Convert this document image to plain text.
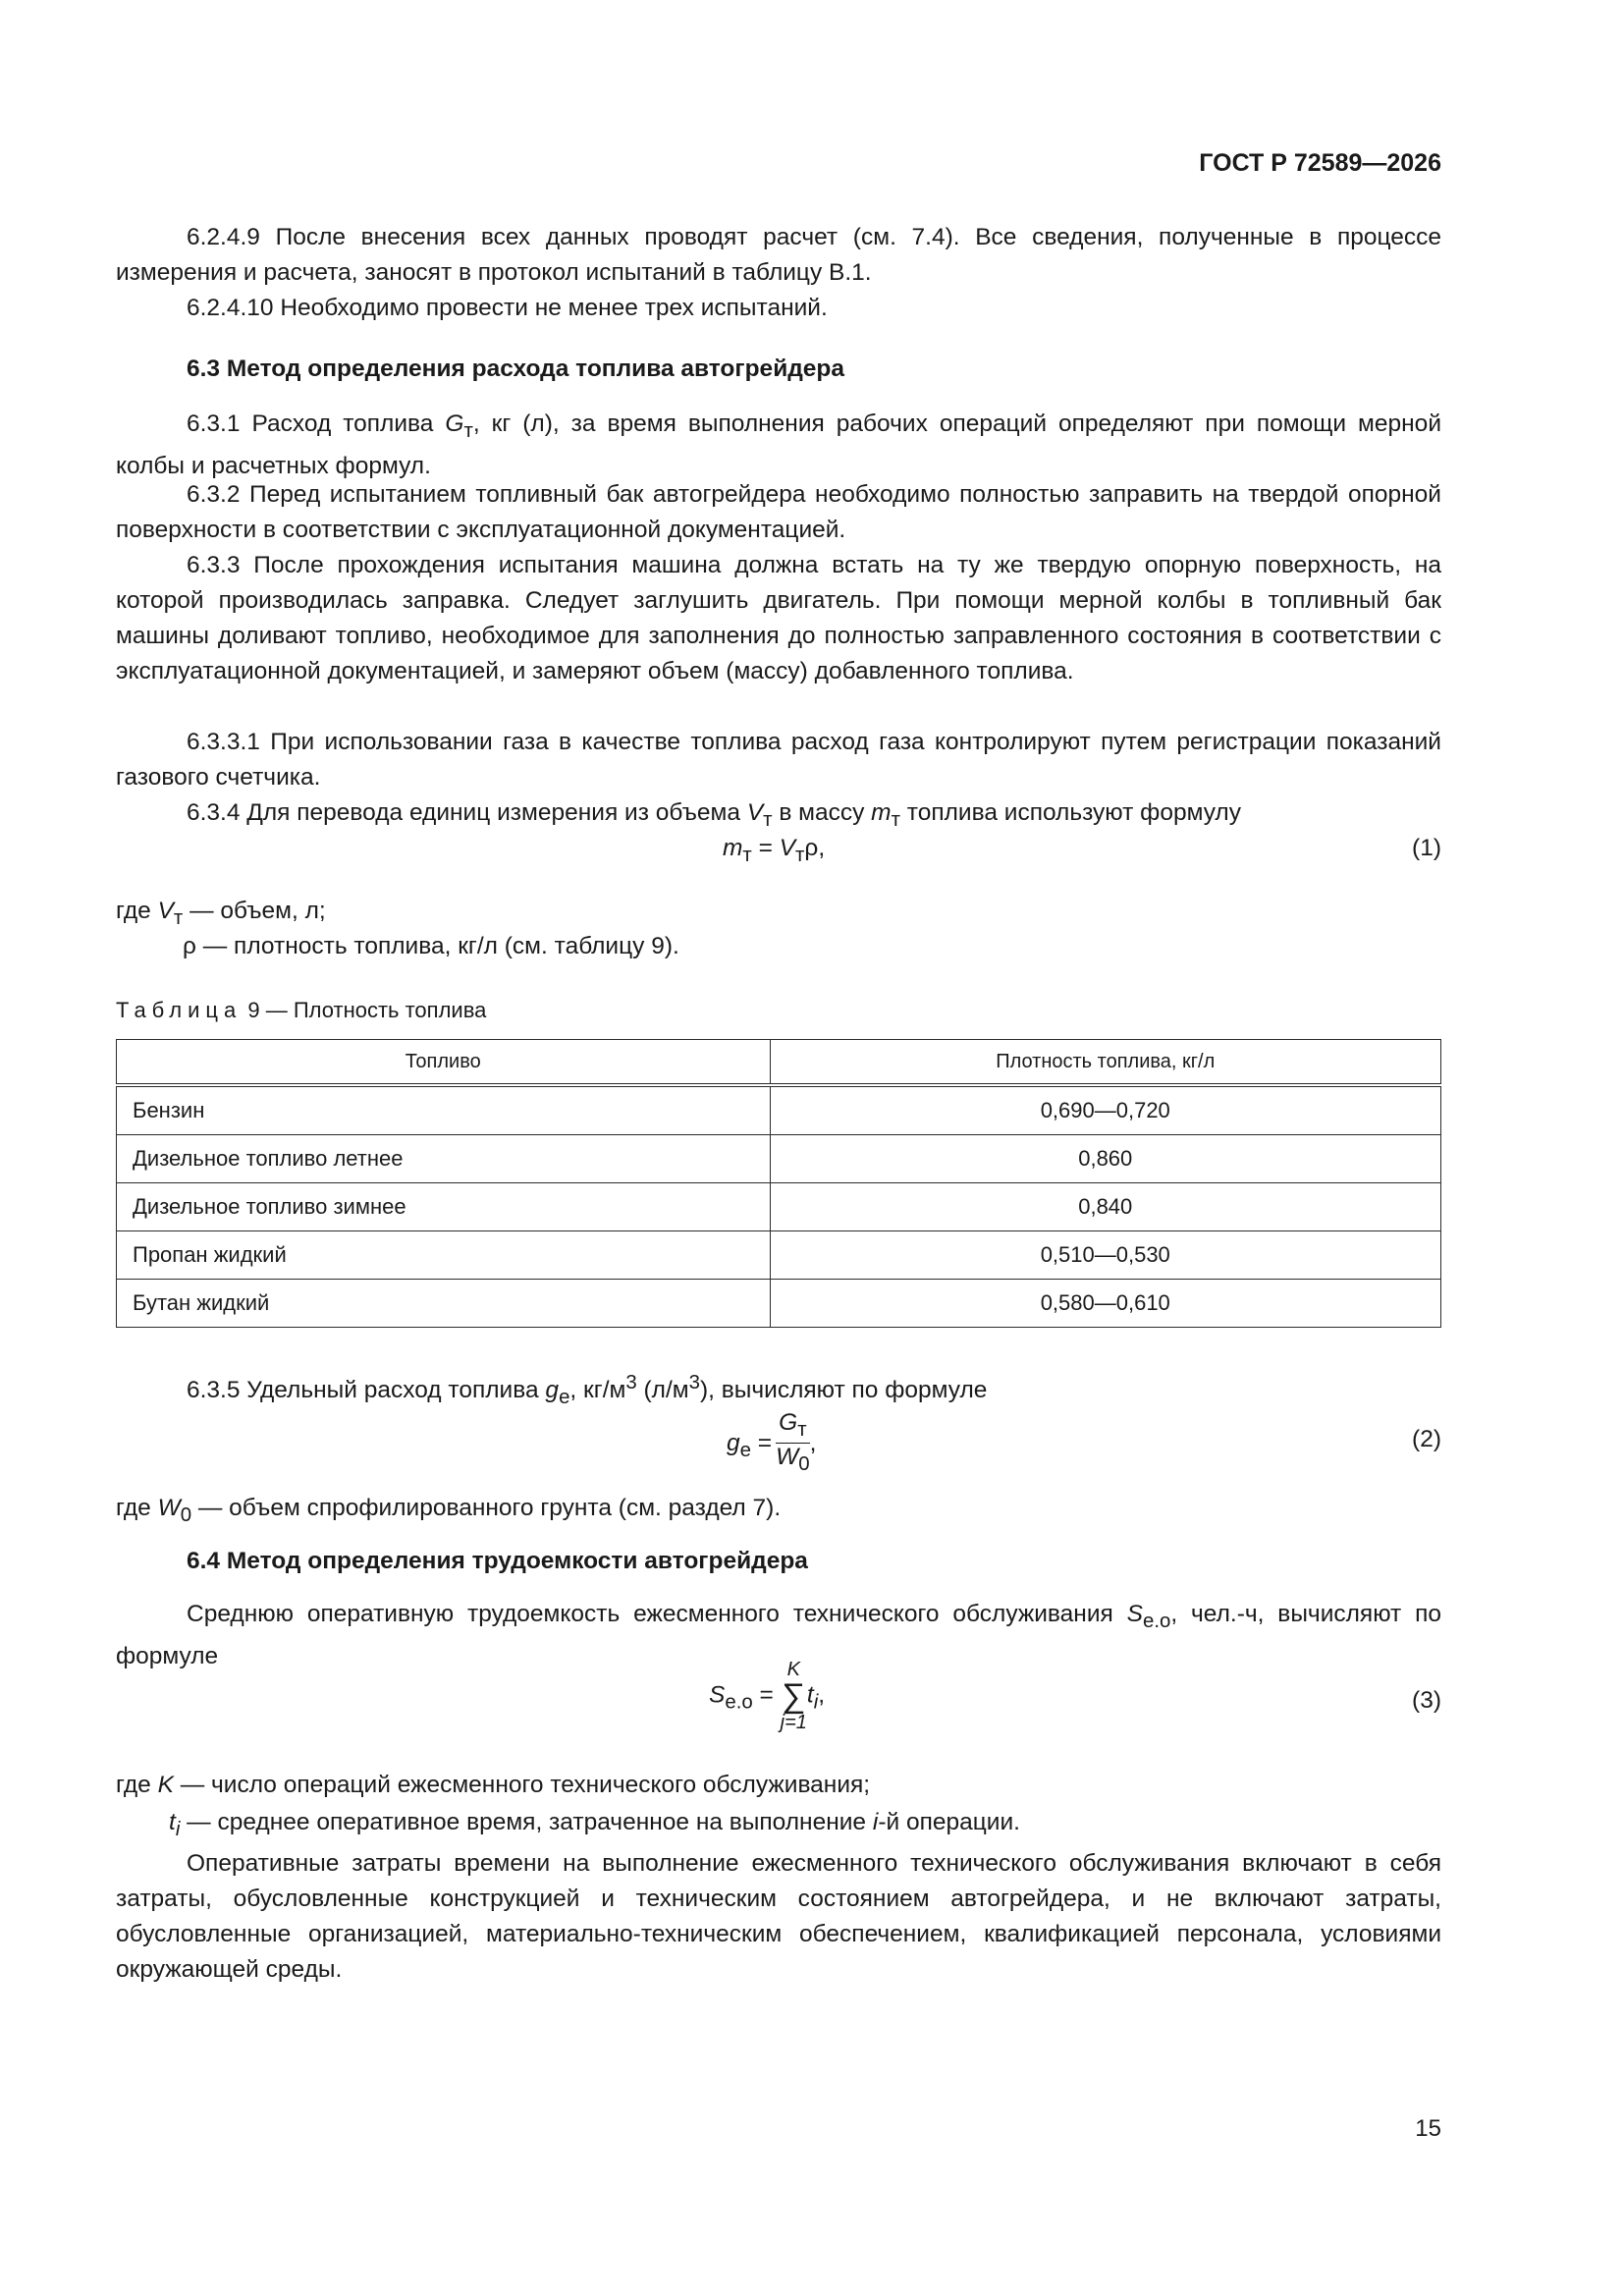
ГОСТ Р 72589—2026
6.2.4.9 После внесения всех данных проводят расчет (см. 7.4). Все сведения, полученные в процессе измерения и расчета, заносят в протокол испытаний в таблицу В.1.
6.2.4.10 Необходимо провести не менее трех испытаний.
6.3 Метод определения расхода топлива автогрейдера
6.3.1 Расход топлива $G_т$, кг (л), за время выполнения рабочих операций определяют при помощи мерной колбы и расчетных формул.
6.3.2 Перед испытанием топливный бак автогрейдера необходимо полностью заправить на твердой опорной поверхности в соответствии с эксплуатационной документацией.
6.3.3 После прохождения испытания машина должна встать на ту же твердую опорную поверхность, на которой производилась заправка. Следует заглушить двигатель. При помощи мерной колбы в топливный бак машины доливают топливо, необходимое для заполнения до полностью заправленного состояния в соответствии с эксплуатационной документацией, и замеряют объем (массу) добавленного топлива.
6.3.3.1 При использовании газа в качестве топлива расход газа контролируют путем регистрации показаний газового счетчика.
6.3.4 Для перевода единиц измерения из объема $V_т$ в массу $m_т$ топлива используют формулу
$m_т = V_т\rho$,	(1)
где $V_т$ — объем, л;
ρ — плотность топлива, кг/л (см. таблицу 9).
Таблица 9 — Плотность топлива
Топливо	Плотность топлива, кг/л
Бензин	0,690—0,720
Дизельное топливо летнее	0,860
Дизельное топливо зимнее	0,840
Пропан жидкий	0,510—0,530
Бутан жидкий	0,580—0,610
6.3.5 Удельный расход топлива $g_е$, $кг/м^3$ $(л/м^3)$, вычисляют по формуле
$g_е = \frac{G_т}{W_0}$ ,	(2)
где $W_0$ — объем спрофилированного грунта (см. раздел 7).
6.4 Метод определения трудоемкости автогрейдера
Среднюю оперативную трудоемкость ежесменного технического обслуживания $S_{е.о}$, чел.-ч, вычисляют по формуле
$S_{е.о}$ =
K
∑
j=1
$t_i$,	(3)
где K — число операций ежесменного технического обслуживания;
$t_i$ — среднее оперативное время, затраченное на выполнение i-й операции.
Оперативные затраты времени на выполнение ежесменного технического обслуживания включают в себя затраты, обусловленные конструкцией и техническим состоянием автогрейдера, и не включают затраты, обусловленные организацией, материально-техническим обеспечением, квалификацией персонала, условиями окружающей среды.
15
